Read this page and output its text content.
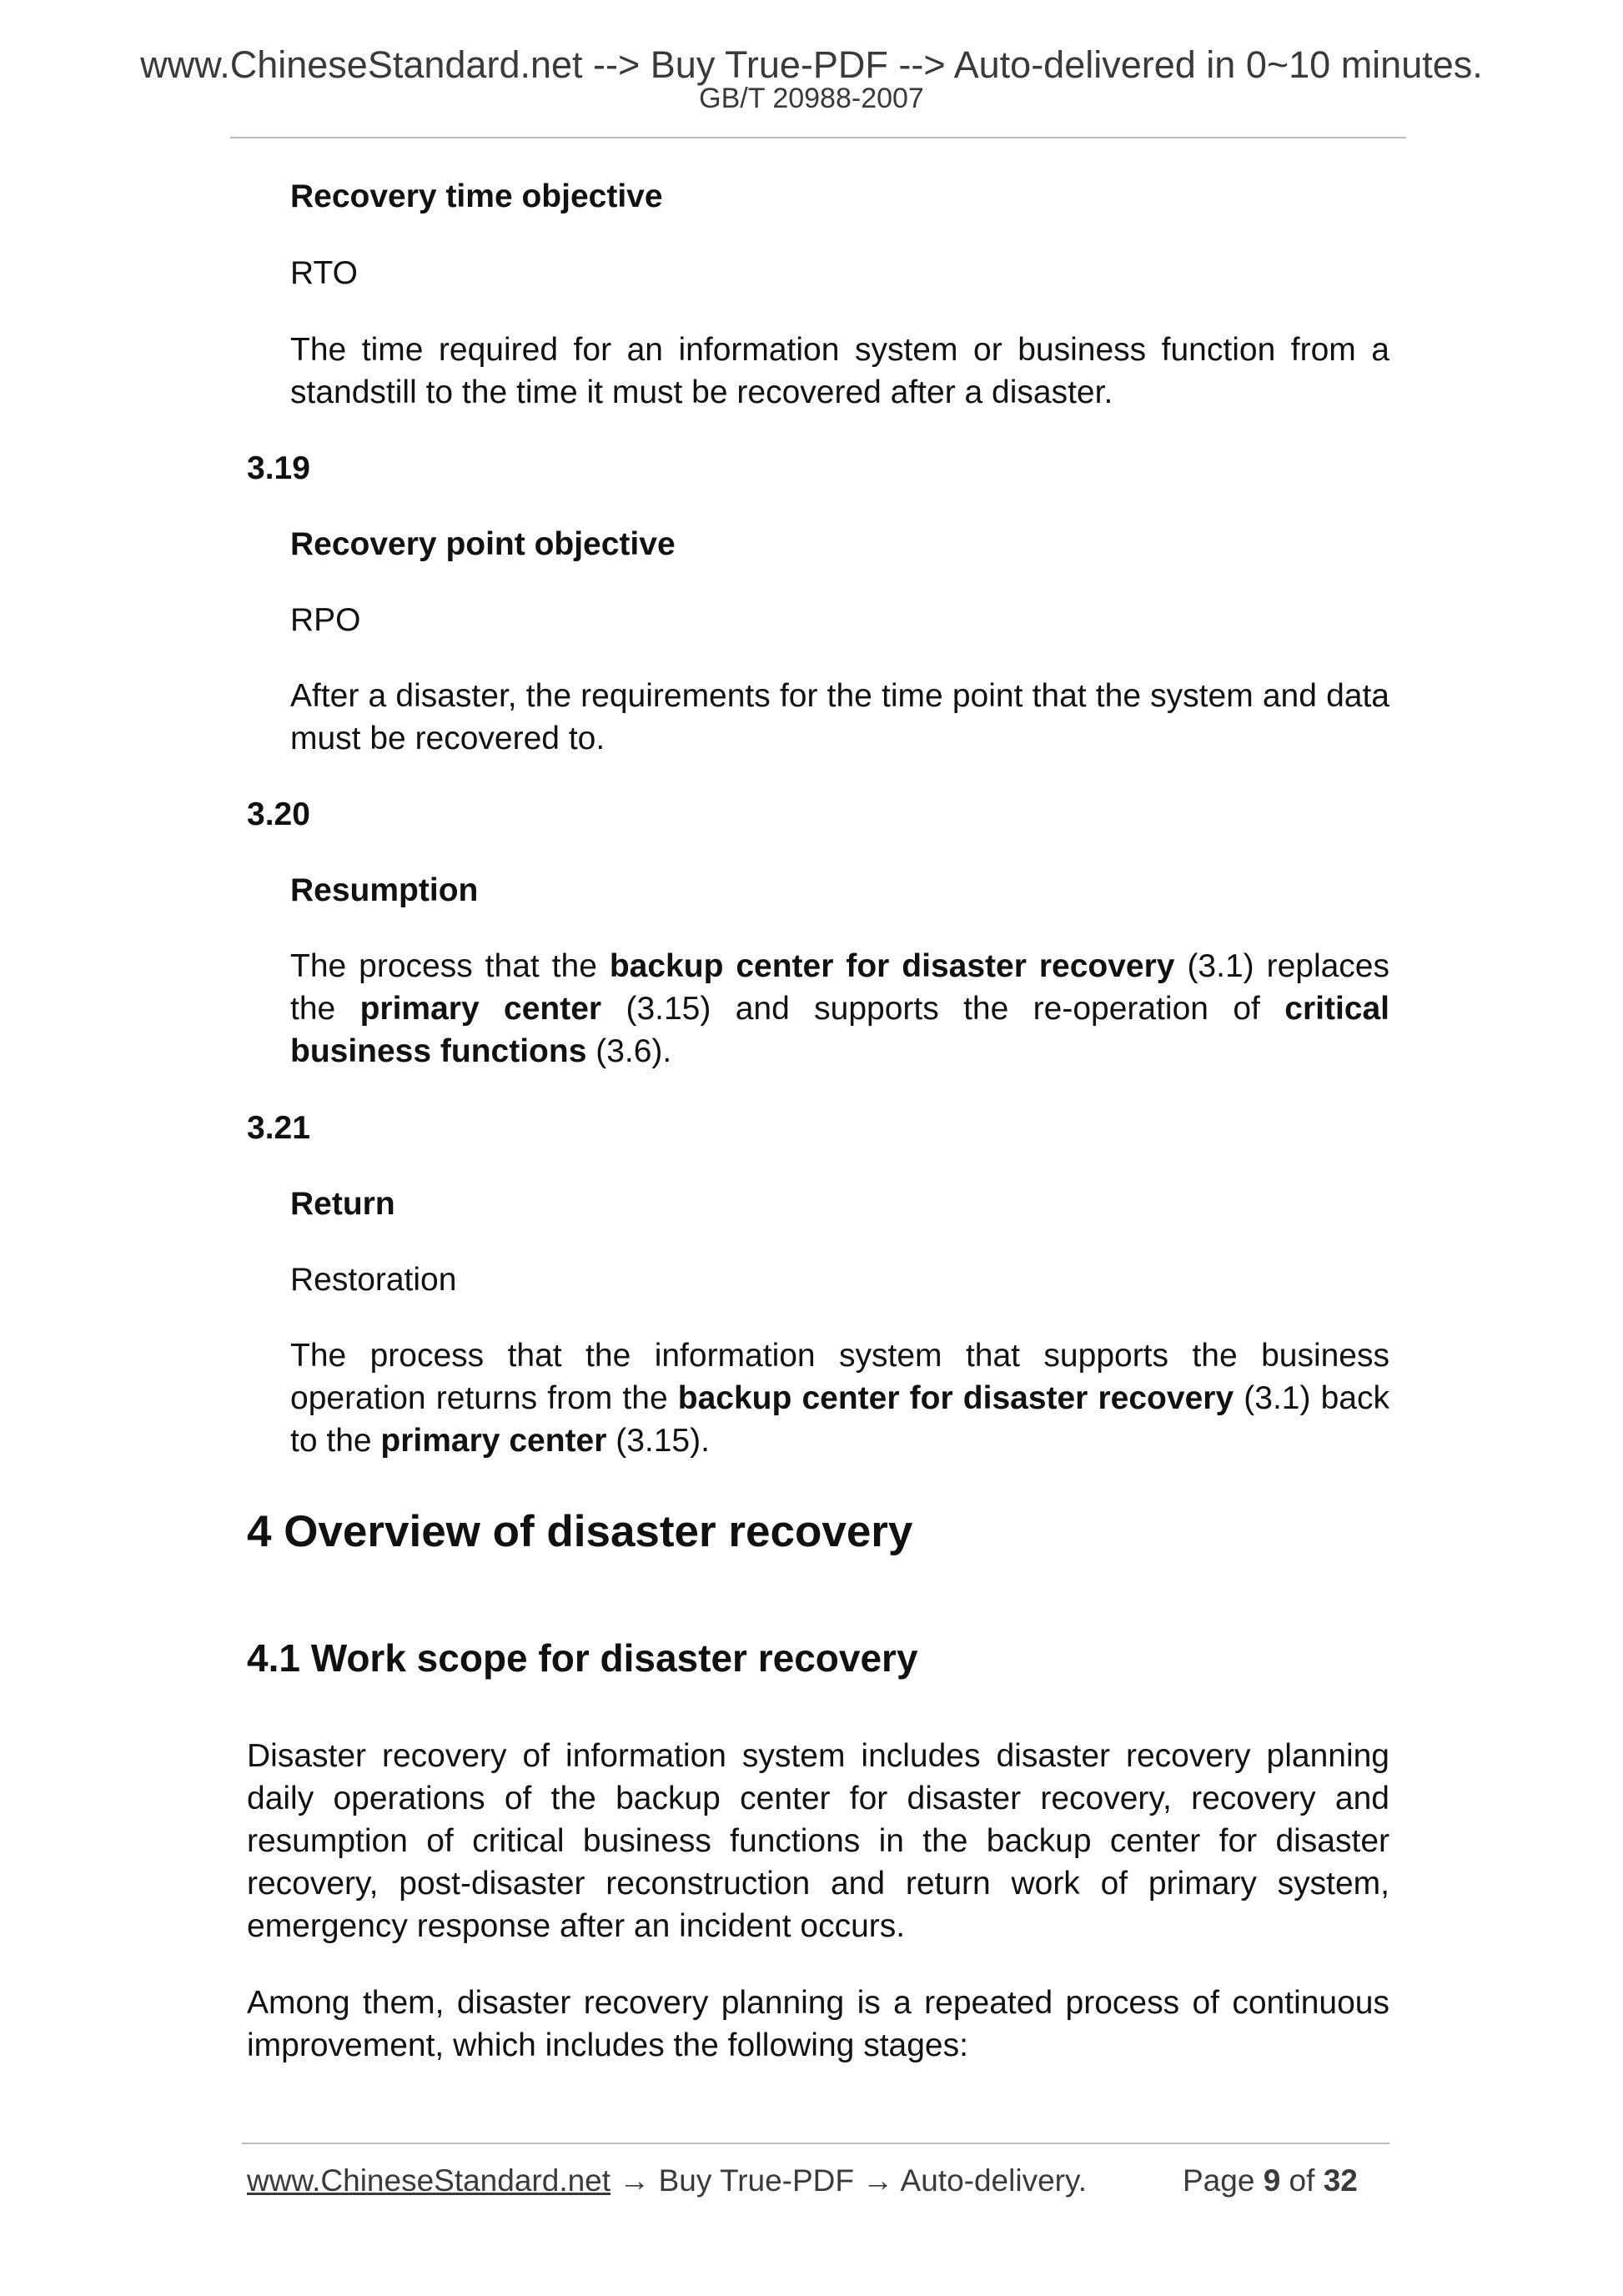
www.ChineseStandard.net --> Buy True-PDF --> Auto-delivered in 0~10 minutes.
GB/T 20988-2007

Recovery time objective

RTO

The time required for an information system or business function from a standstill to the time it must be recovered after a disaster.

3.19

Recovery point objective

RPO

After a disaster, the requirements for the time point that the system and data must be recovered to.

3.20

Resumption

The process that the backup center for disaster recovery (3.1) replaces the primary center (3.15) and supports the re-operation of critical business functions (3.6).

3.21

Return

Restoration

The process that the information system that supports the business operation returns from the backup center for disaster recovery (3.1) back to the primary center (3.15).

4 Overview of disaster recovery
4.1 Work scope for disaster recovery

Disaster recovery of information system includes disaster recovery planning daily operations of the backup center for disaster recovery, recovery and resumption of critical business functions in the backup center for disaster recovery, post-disaster reconstruction and return work of primary system, emergency response after an incident occurs.

Among them, disaster recovery planning is a repeated process of continuous improvement, which includes the following stages:

www.ChineseStandard.net → Buy True-PDF → Auto-delivery.	Page 9 of 32
